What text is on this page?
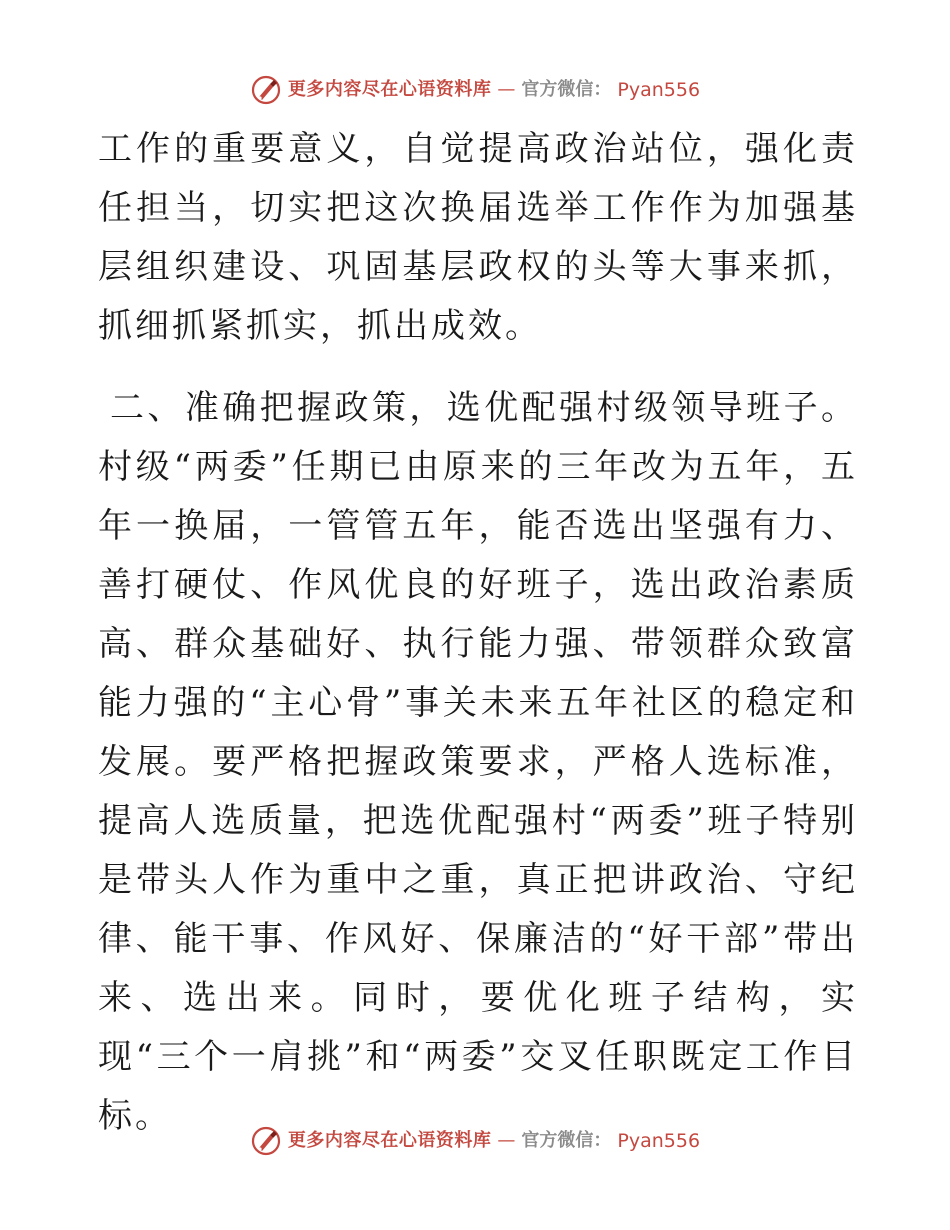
更多内容尽在心语资料库 — 官方微信： Pyan556

工作的重要意义，自觉提高政治站位，强化责任担当，切实把这次换届选举工作作为加强基层组织建设、巩固基层政权的头等大事来抓，抓细抓紧抓实，抓出成效。

二、准确把握政策，选优配强村级领导班子。村级“两委”任期已由原来的三年改为五年，五年一换届，一管管五年，能否选出坚强有力、善打硬仗、作风优良的好班子，选出政治素质高、群众基础好、执行能力强、带领群众致富能力强的“主心骨”事关未来五年社区的稳定和发展。要严格把握政策要求，严格人选标准，提高人选质量，把选优配强村“两委”班子特别是带头人作为重中之重，真正把讲政治、守纪律、能干事、作风好、保廉洁的“好干部”带出来、选出来。同时，要优化班子结构，实现“三个一肩挑”和“两委”交叉任职既定工作目标。

更多内容尽在心语资料库 — 官方微信： Pyan556
